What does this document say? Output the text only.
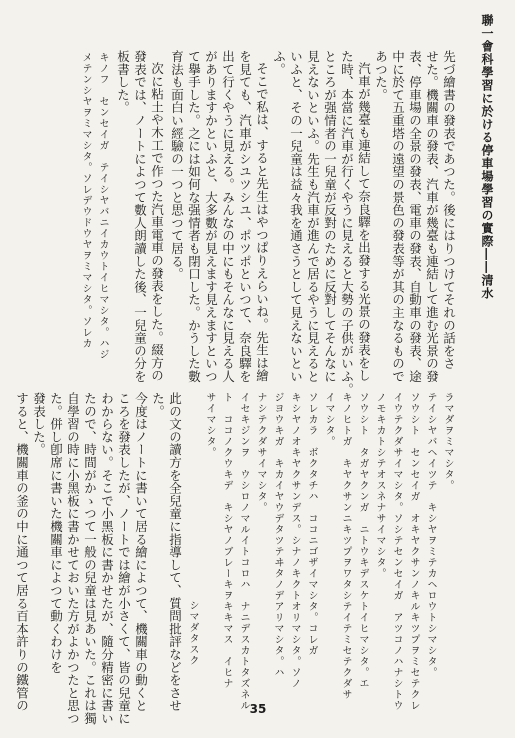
聯一會科學習に於ける停車場學習の實際――清水
先づ繪書の發表であつた。後にはりつけてそれの話をさ
せた。機關車の發表、汽車が幾臺も連結して進む光景の發
表、停車場の全景の發表、電車の發表、自動車の發表、途
中に於て五重塔の遠望の景色の發表等が其の主なるもので
あつた。
汽車が幾臺も連結して奈良驛を出發する光景の發表をし
た時、本當に汽車が行くやうに見えると大勢の子供がいふ。
ところが强情者の一兒童が反對のために反對してそんなに
見えないといふ。先生も汽車が進んで居るやうに見えると
いふと、その一兒童は益々我を通さうとして見えないとい
ふ。
そこで私は、すると先生はやつぱりえらいね。先生は繪
を見ても、汽車がシユツシユ、ポツポといつて、奈良驛を
出て行くやうに見える。みんなの中にもそんなに見える人
がありますかといふと、大多數が見えます見えますといつ
て擧手した。之には如何な强情者も閉口した。かうした數
育法も面白い經驗の一つと思つて居る。
次に粘土や木工で作つた汽車電車の發表をした。綴方の
發表では、ノートによつて數人朗讀した後、一兒童の分を
板書した。
キノフ　センセイガ　テイシヤバニイカウトイヒマシタ。ハジ
メテンシヤヲミマシタ。ソレデウドウヤヲミマシタ。ソレカ
ラマダヲミマシタ。
テイシヤバヘイツテ　キシヤヲミテカヘロウトシマシタ。
ソウシト　センセイガ　オキヤクサンノキルキツプヲミセテクレ
イウテクダサイマシタ。ソシテセンセイガ　アツコノハナシトウ
ノモキカトシテオスネナサイマシタ。
ソウシト　タガヤクンガ　ニトウキデスケトイヒマシタ。エ
キノヒトガ　キヤクサンニキツプヲワタシテイテミセテクダサ
イマシタ。
ソレカラ　ボクタチハ　ココニゴザイマシタ。コレガ
キシヤノオキヤクサンデス。シナノキクトオリマシタ。ソノ
ジヨウキガ　キカイヤウデタツテヰタノデアリマシタ。ハ
ナシテクダサイマシタ。
イセキジンヲ　ウシロノマルイトコロハ　ナニデスカトタズネル
ト　ココノクウキデ　キシヤノブレーキヲキキマス　イヒナ
サイマシタ。
シマダタスク
此の文の讀方を全兒童に指導して、質問批評などをさせ
た。
今度はノートに書いて居る繪によつて、機關車の動くと
ころを發表したが、ノートでは繪が小さくて、皆の兒童に
わからない。そこで小黑板に書かせたが、隨分精密に書い
たので、時間がかゝつて一般の兒童は見あいた。これは獨
自學習の時に小黑板に書かせておいた方がよかつたと思つ
た。併し卽席に書いた機關車によつて動くわけを
發表した。
すると、機關車の釜の中に通つて居る百本許りの鐵管の	35
